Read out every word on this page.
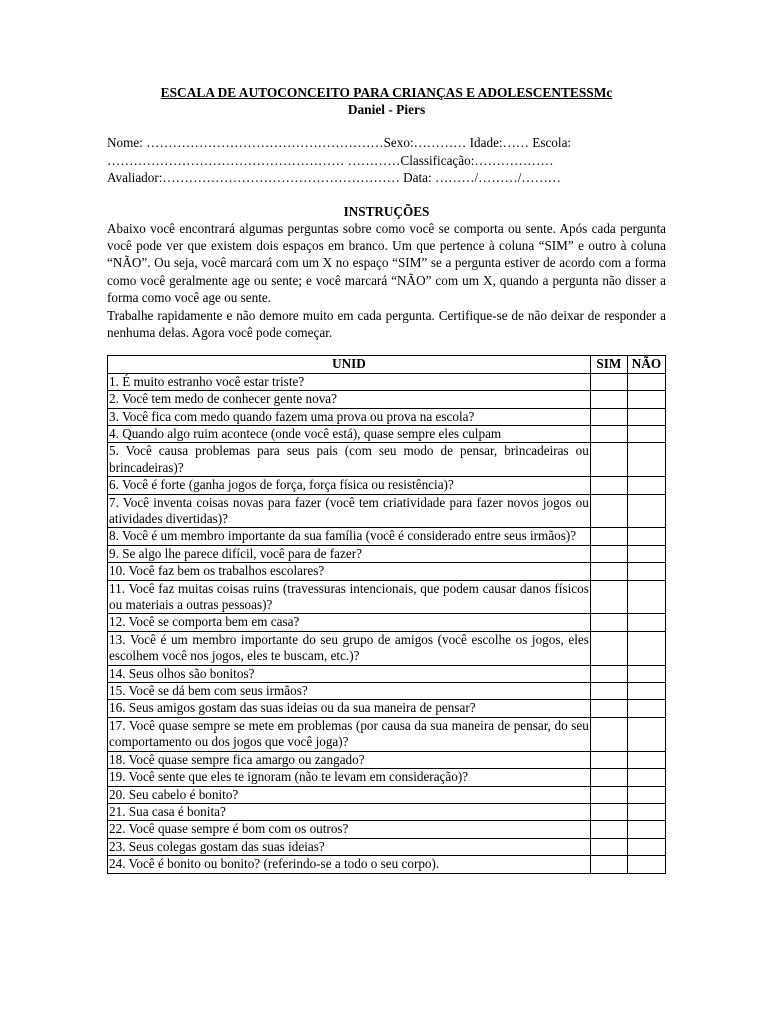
ESCALA DE AUTOCONCEITO PARA CRIANÇAS E ADOLESCENTESSMc
Daniel - Piers
Nome: ………………………………………………Sexo:………… Idade:…… Escola:
……………………………………………… …………Classificação:………………
Avaliador:……………………………………………… Data: ………/………/………
INSTRUÇÕES

Abaixo você encontrará algumas perguntas sobre como você se comporta ou sente. Após cada pergunta você pode ver que existem dois espaços em branco. Um que pertence à coluna “SIM” e outro à coluna “NÃO”. Ou seja, você marcará com um X no espaço “SIM” se a pergunta estiver de acordo com a forma como você geralmente age ou sente; e você marcará “NÃO” com um X, quando a pergunta não disser a forma como você age ou sente.

Trabalhe rapidamente e não demore muito em cada pergunta. Certifique-se de não deixar de responder a nenhuma delas. Agora você pode começar.

UNID	SIM	NÃO
1. É muito estranho você estar triste?		
2. Você tem medo de conhecer gente nova?		
3. Você fica com medo quando fazem uma prova ou prova na escola?		
4. Quando algo ruim acontece (onde você está), quase sempre eles culpam		
5. Você causa problemas para seus pais (com seu modo de pensar, brincadeiras ou brincadeiras)?		
6. Você é forte (ganha jogos de força, força física ou resistência)?		
7. Você inventa coisas novas para fazer (você tem criatividade para fazer novos jogos ou atividades divertidas)?		
8. Você é um membro importante da sua família (você é considerado entre seus irmãos)?		
9. Se algo lhe parece difícil, você para de fazer?		
10. Você faz bem os trabalhos escolares?		
11. Você faz muitas coisas ruins (travessuras intencionais, que podem causar danos físicos ou materiais a outras pessoas)?		
12. Você se comporta bem em casa?		
13. Você é um membro importante do seu grupo de amigos (você escolhe os jogos, eles escolhem você nos jogos, eles te buscam, etc.)?		
14. Seus olhos são bonitos?		
15. Você se dá bem com seus irmãos?		
16. Seus amigos gostam das suas ideias ou da sua maneira de pensar?		
17. Você quase sempre se mete em problemas (por causa da sua maneira de pensar, do seu comportamento ou dos jogos que você joga)?		
18. Você quase sempre fica amargo ou zangado?		
19. Você sente que eles te ignoram (não te levam em consideração)?		
20. Seu cabelo é bonito?		
21. Sua casa é bonita?		
22. Você quase sempre é bom com os outros?		
23. Seus colegas gostam das suas ideias?		
24. Você é bonito ou bonito? (referindo-se a todo o seu corpo).		
